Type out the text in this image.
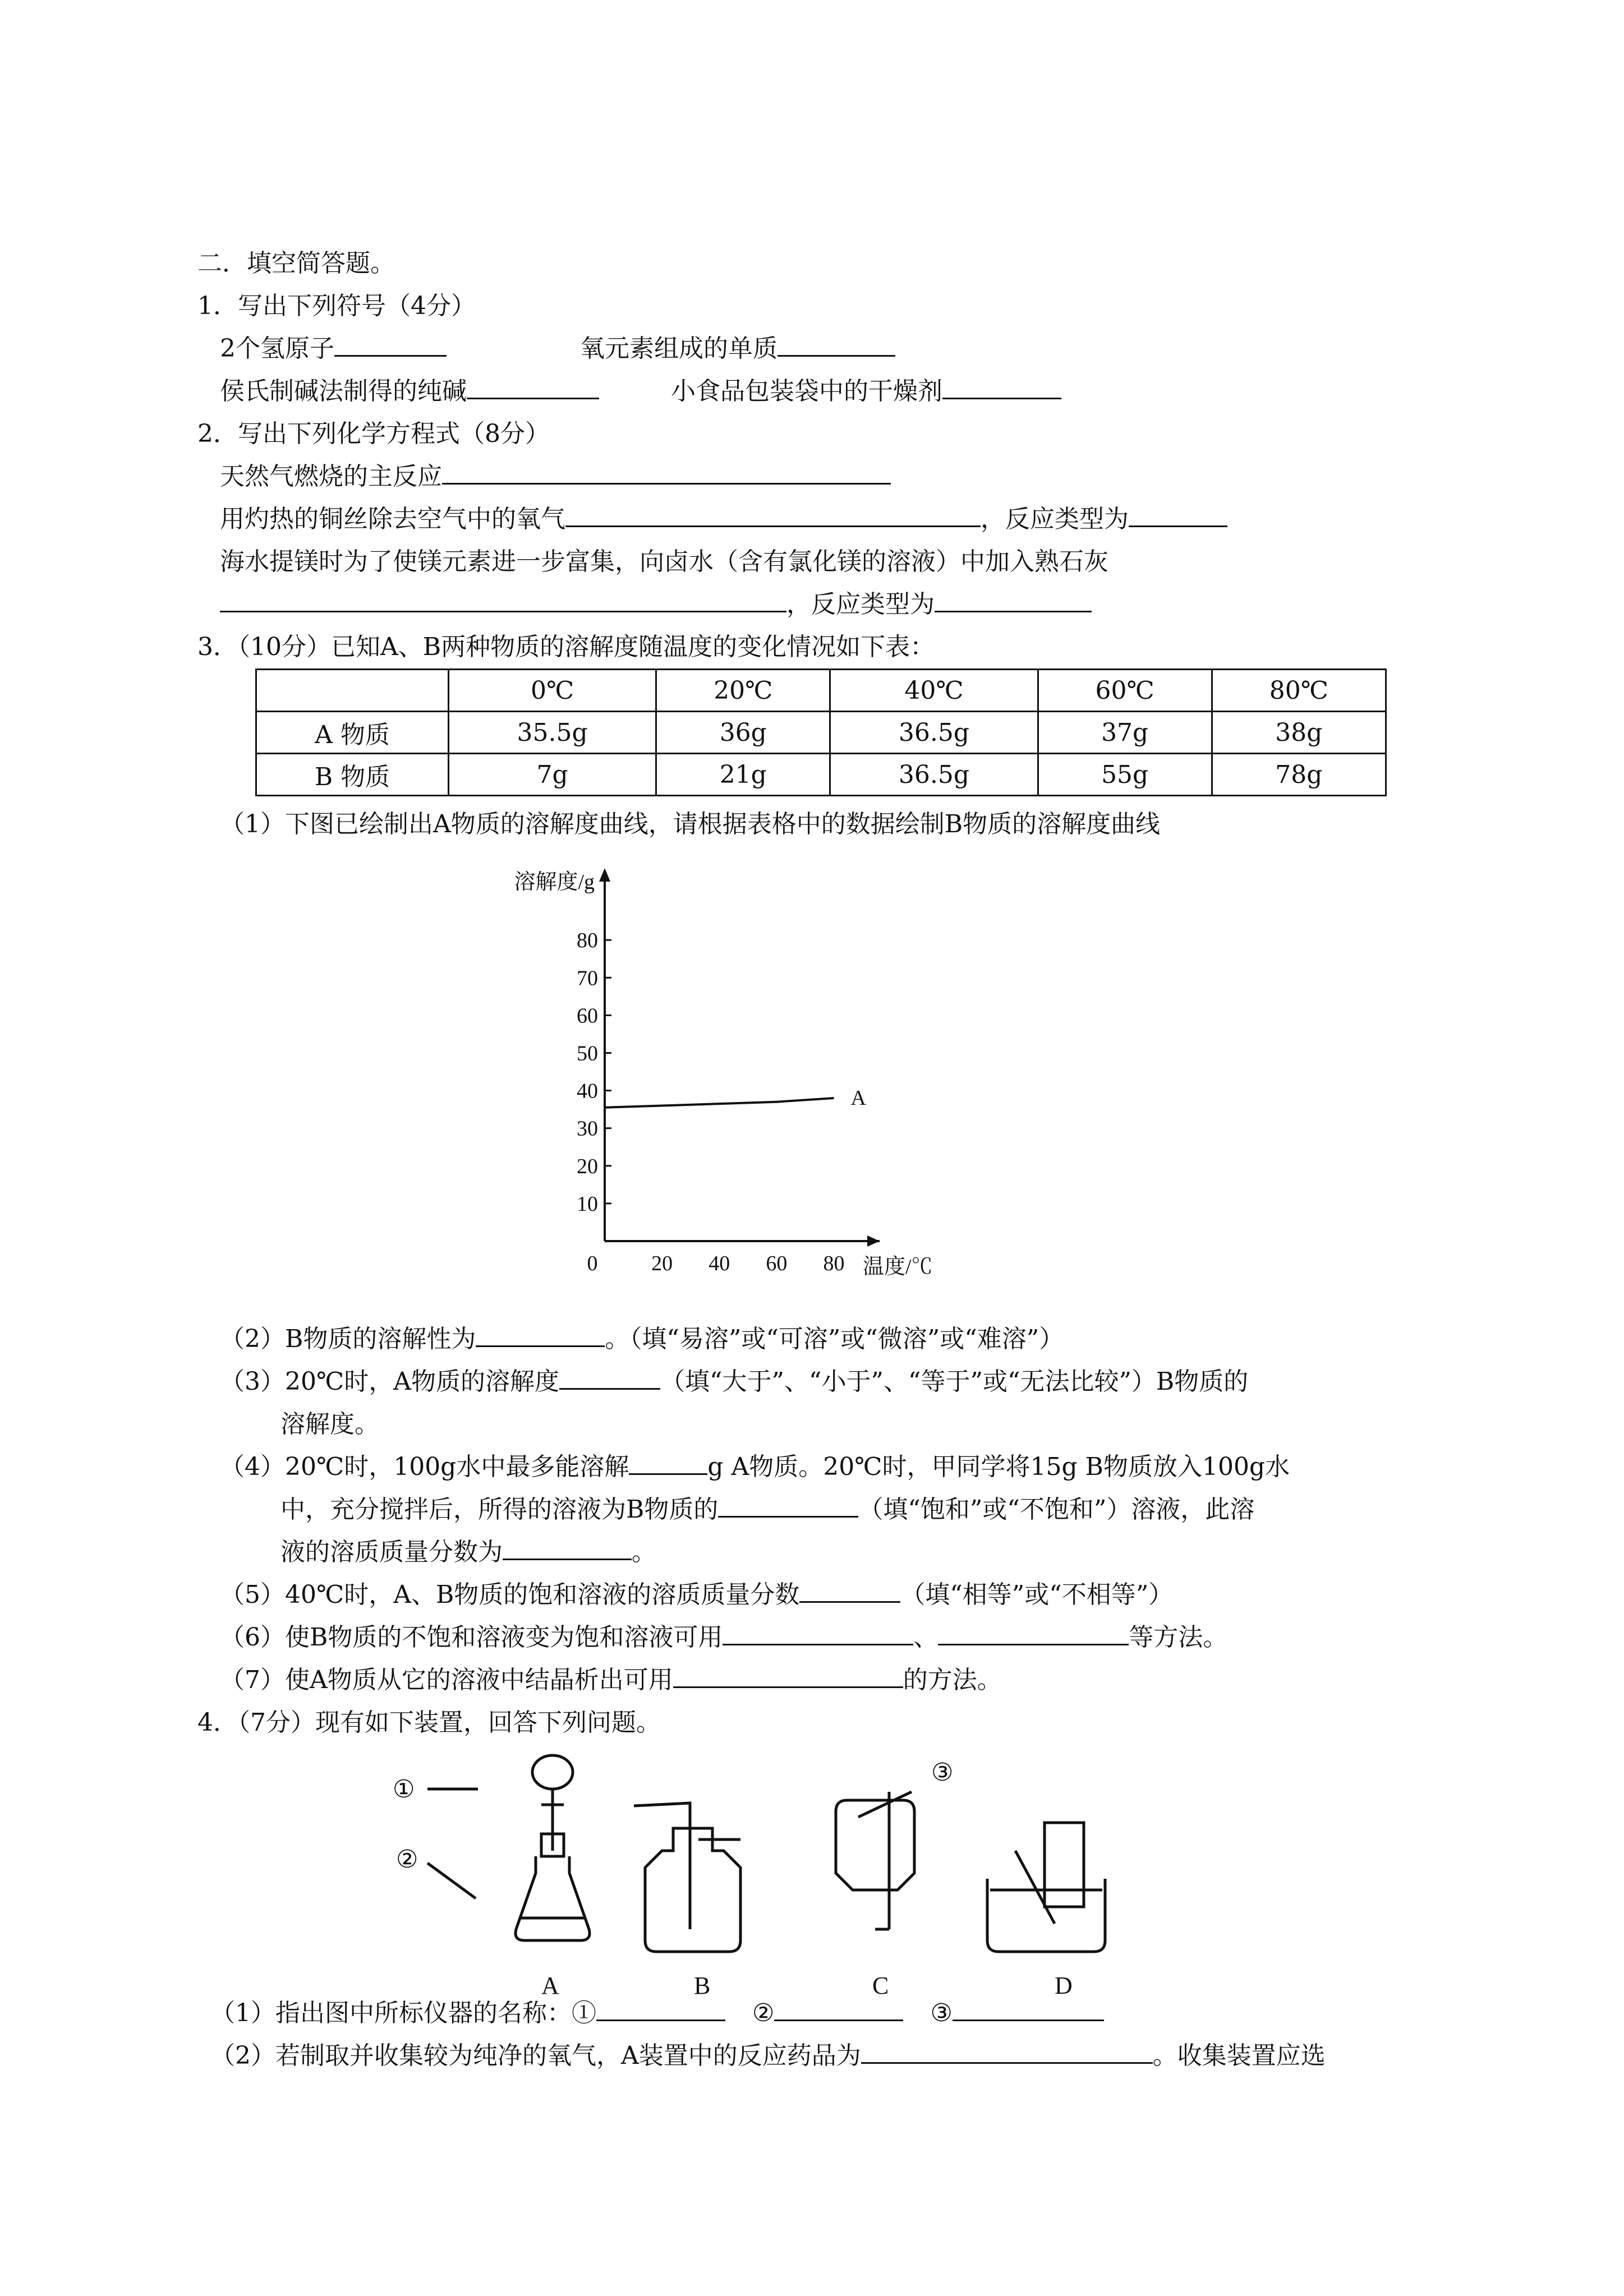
二．填空简答题。
1．写出下列符号（4分）
2个氢原子	氧元素组成的单质
侯氏制碱法制得的纯碱	小食品包装袋中的干燥剂
2．写出下列化学方程式（8分）
天然气燃烧的主反应
用灼热的铜丝除去空气中的氧气	，反应类型为
海水提镁时为了使镁元素进一步富集，向卤水（含有氯化镁的溶液）中加入熟石灰
，反应类型为
3．（10分）已知A、B两种物质的溶解度随温度的变化情况如下表：
	0℃	20℃	40℃	60℃	80℃
A 物质	35.5g	36g	36.5g	37g	38g
B 物质	7g	21g	36.5g	55g	78g
（1）下图已绘制出A物质的溶解度曲线，请根据表格中的数据绘制B物质的溶解度曲线
10
20
30
40
50
60
70
80
0	20 40 60 80
溶解度/g
温度/℃
A
（2）B物质的溶解性为	。（填“易溶”或“可溶”或“微溶”或“难溶”）
（3）20℃时，A物质的溶解度	（填“大于”、“小于”、“等于”或“无法比较”）B物质的
溶解度。
（4）20℃时，100g水中最多能溶解	g A物质。20℃时，甲同学将15g B物质放入100g水
中，充分搅拌后，所得的溶液为B物质的	（填“饱和”或“不饱和”）溶液，此溶
液的溶质质量分数为	。
（5）40℃时，A、B物质的饱和溶液的溶质质量分数	（填“相等”或“不相等”）
（6）使B物质的不饱和溶液变为饱和溶液可用	、	等方法。
（7）使A物质从它的溶液中结晶析出可用	的方法。
4．（7分）现有如下装置，回答下列问题。
①
②
③
A	B	C	D
（1）指出图中所标仪器的名称：①	②	③
（2）若制取并收集较为纯净的氧气，A装置中的反应药品为	。收集装置应选
